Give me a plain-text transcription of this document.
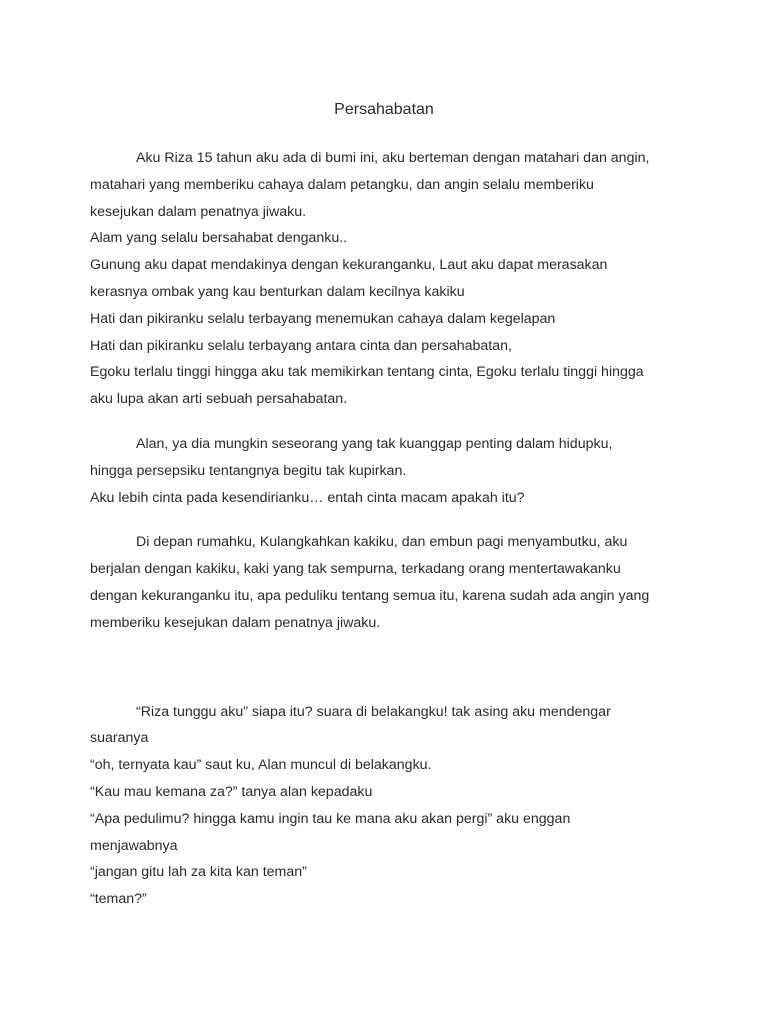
Persahabatan
Aku Riza 15 tahun aku ada di bumi ini, aku berteman dengan matahari dan angin,
matahari yang memberiku cahaya dalam petangku, dan angin selalu memberiku
kesejukan dalam penatnya jiwaku.
Alam yang selalu bersahabat denganku..
Gunung aku dapat mendakinya dengan kekuranganku, Laut aku dapat merasakan
kerasnya ombak yang kau benturkan dalam kecilnya kakiku
Hati dan pikiranku selalu terbayang menemukan cahaya dalam kegelapan
Hati dan pikiranku selalu terbayang antara cinta dan persahabatan,
Egoku terlalu tinggi hingga aku tak memikirkan tentang cinta, Egoku terlalu tinggi hingga
aku lupa akan arti sebuah persahabatan.
Alan, ya dia mungkin seseorang yang tak kuanggap penting dalam hidupku,
hingga persepsiku tentangnya begitu tak kupirkan.
Aku lebih cinta pada kesendirianku… entah cinta macam apakah itu?
Di depan rumahku, Kulangkahkan kakiku, dan embun pagi menyambutku, aku
berjalan dengan kakiku, kaki yang tak sempurna, terkadang orang mentertawakanku
dengan kekuranganku itu, apa peduliku tentang semua itu, karena sudah ada angin yang
memberiku kesejukan dalam penatnya jiwaku.
“Riza tunggu aku” siapa itu? suara di belakangku! tak asing aku mendengar
suaranya
“oh, ternyata kau” saut ku, Alan muncul di belakangku.
“Kau mau kemana za?” tanya alan kepadaku
“Apa pedulimu? hingga kamu ingin tau ke mana aku akan pergi” aku enggan
menjawabnya
“jangan gitu lah za kita kan teman”
“teman?”
